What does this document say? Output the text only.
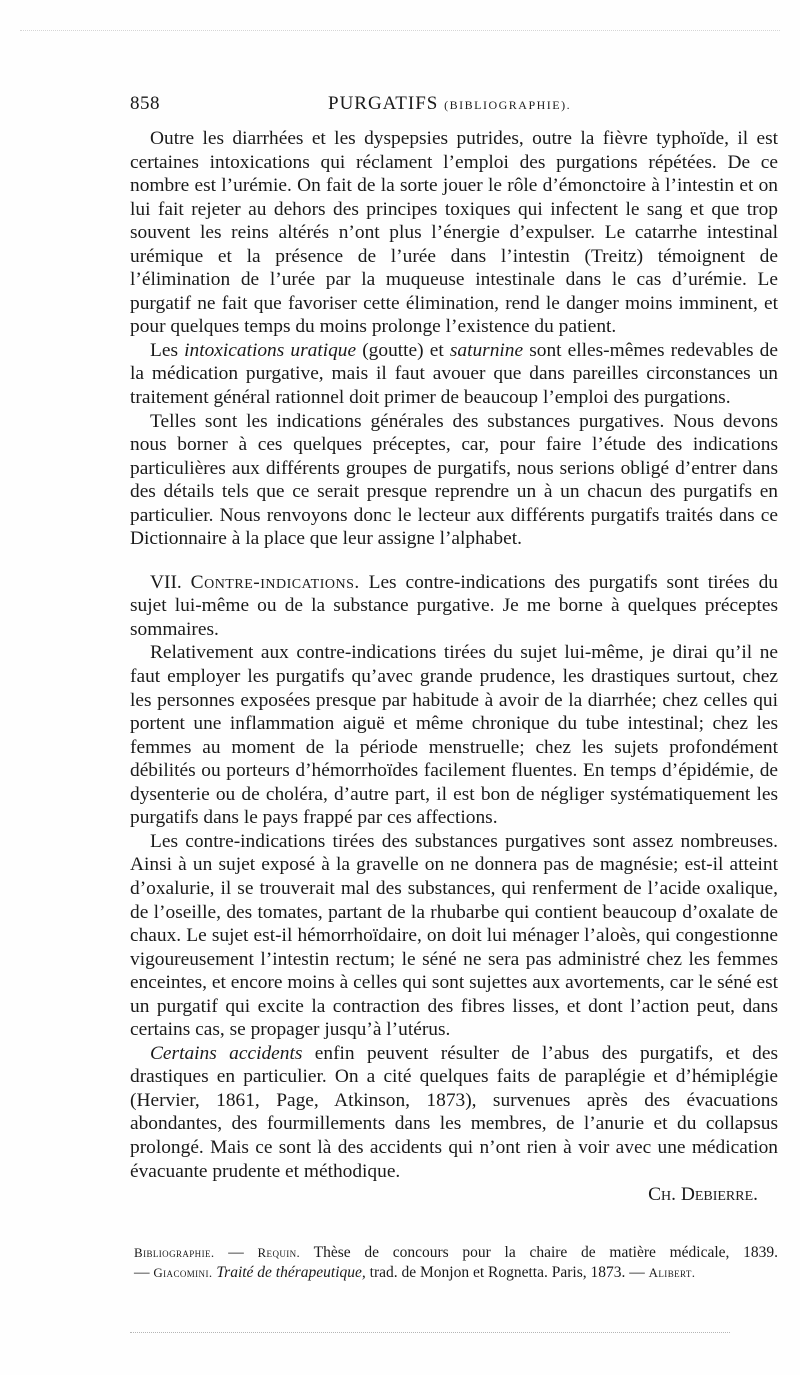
858	PURGATIFS (BIBLIOGRAPHIE).

Outre les diarrhées et les dyspepsies putrides, outre la fièvre typhoïde, il est certaines intoxications qui réclament l’emploi des purgations répétées. De ce nombre est l’urémie. On fait de la sorte jouer le rôle d’émonctoire à l’intestin et on lui fait rejeter au dehors des principes toxiques qui infectent le sang et que trop souvent les reins altérés n’ont plus l’énergie d’expulser. Le catarrhe intestinal urémique et la présence de l’urée dans l’intestin (Treitz) témoignent de l’élimination de l’urée par la muqueuse intestinale dans le cas d’urémie. Le purgatif ne fait que favoriser cette élimination, rend le danger moins imminent, et pour quelques temps du moins prolonge l’existence du patient.

Les intoxications uratique (goutte) et saturnine sont elles-mêmes redevables de la médication purgative, mais il faut avouer que dans pareilles circonstances un traitement général rationnel doit primer de beaucoup l’emploi des purgations.

Telles sont les indications générales des substances purgatives. Nous devons nous borner à ces quelques préceptes, car, pour faire l’étude des indications particulières aux différents groupes de purgatifs, nous serions obligé d’entrer dans des détails tels que ce serait presque reprendre un à un chacun des purgatifs en particulier. Nous renvoyons donc le lecteur aux différents purgatifs traités dans ce Dictionnaire à la place que leur assigne l’alphabet.

VII. Contre-indications. Les contre-indications des purgatifs sont tirées du sujet lui-même ou de la substance purgative. Je me borne à quelques préceptes sommaires.

Relativement aux contre-indications tirées du sujet lui-même, je dirai qu’il ne faut employer les purgatifs qu’avec grande prudence, les drastiques surtout, chez les personnes exposées presque par habitude à avoir de la diarrhée; chez celles qui portent une inflammation aiguë et même chronique du tube intestinal; chez les femmes au moment de la période menstruelle; chez les sujets profondément débilités ou porteurs d’hémorrhoïdes facilement fluentes. En temps d’épidémie, de dysenterie ou de choléra, d’autre part, il est bon de négliger systématiquement les purgatifs dans le pays frappé par ces affections.

Les contre-indications tirées des substances purgatives sont assez nombreuses. Ainsi à un sujet exposé à la gravelle on ne donnera pas de magnésie; est-il atteint d’oxalurie, il se trouverait mal des substances, qui renferment de l’acide oxalique, de l’oseille, des tomates, partant de la rhubarbe qui contient beaucoup d’oxalate de chaux. Le sujet est-il hémorrhoïdaire, on doit lui ménager l’aloès, qui congestionne vigoureusement l’intestin rectum; le séné ne sera pas administré chez les femmes enceintes, et encore moins à celles qui sont sujettes aux avortements, car le séné est un purgatif qui excite la contraction des fibres lisses, et dont l’action peut, dans certains cas, se propager jusqu’à l’utérus.

Certains accidents enfin peuvent résulter de l’abus des purgatifs, et des drastiques en particulier. On a cité quelques faits de paraplégie et d’hémiplégie (Hervier, 1861, Page, Atkinson, 1873), survenues après des évacuations abondantes, des fourmillements dans les membres, de l’anurie et du collapsus prolongé. Mais ce sont là des accidents qui n’ont rien à voir avec une médication évacuante prudente et méthodique.

Ch. Debierre.

Bibliographie. — Requin. Thèse de concours pour la chaire de matière médicale, 1839.

— Giacomini. Traité de thérapeutique, trad. de Monjon et Rognetta. Paris, 1873. — Alibert.
